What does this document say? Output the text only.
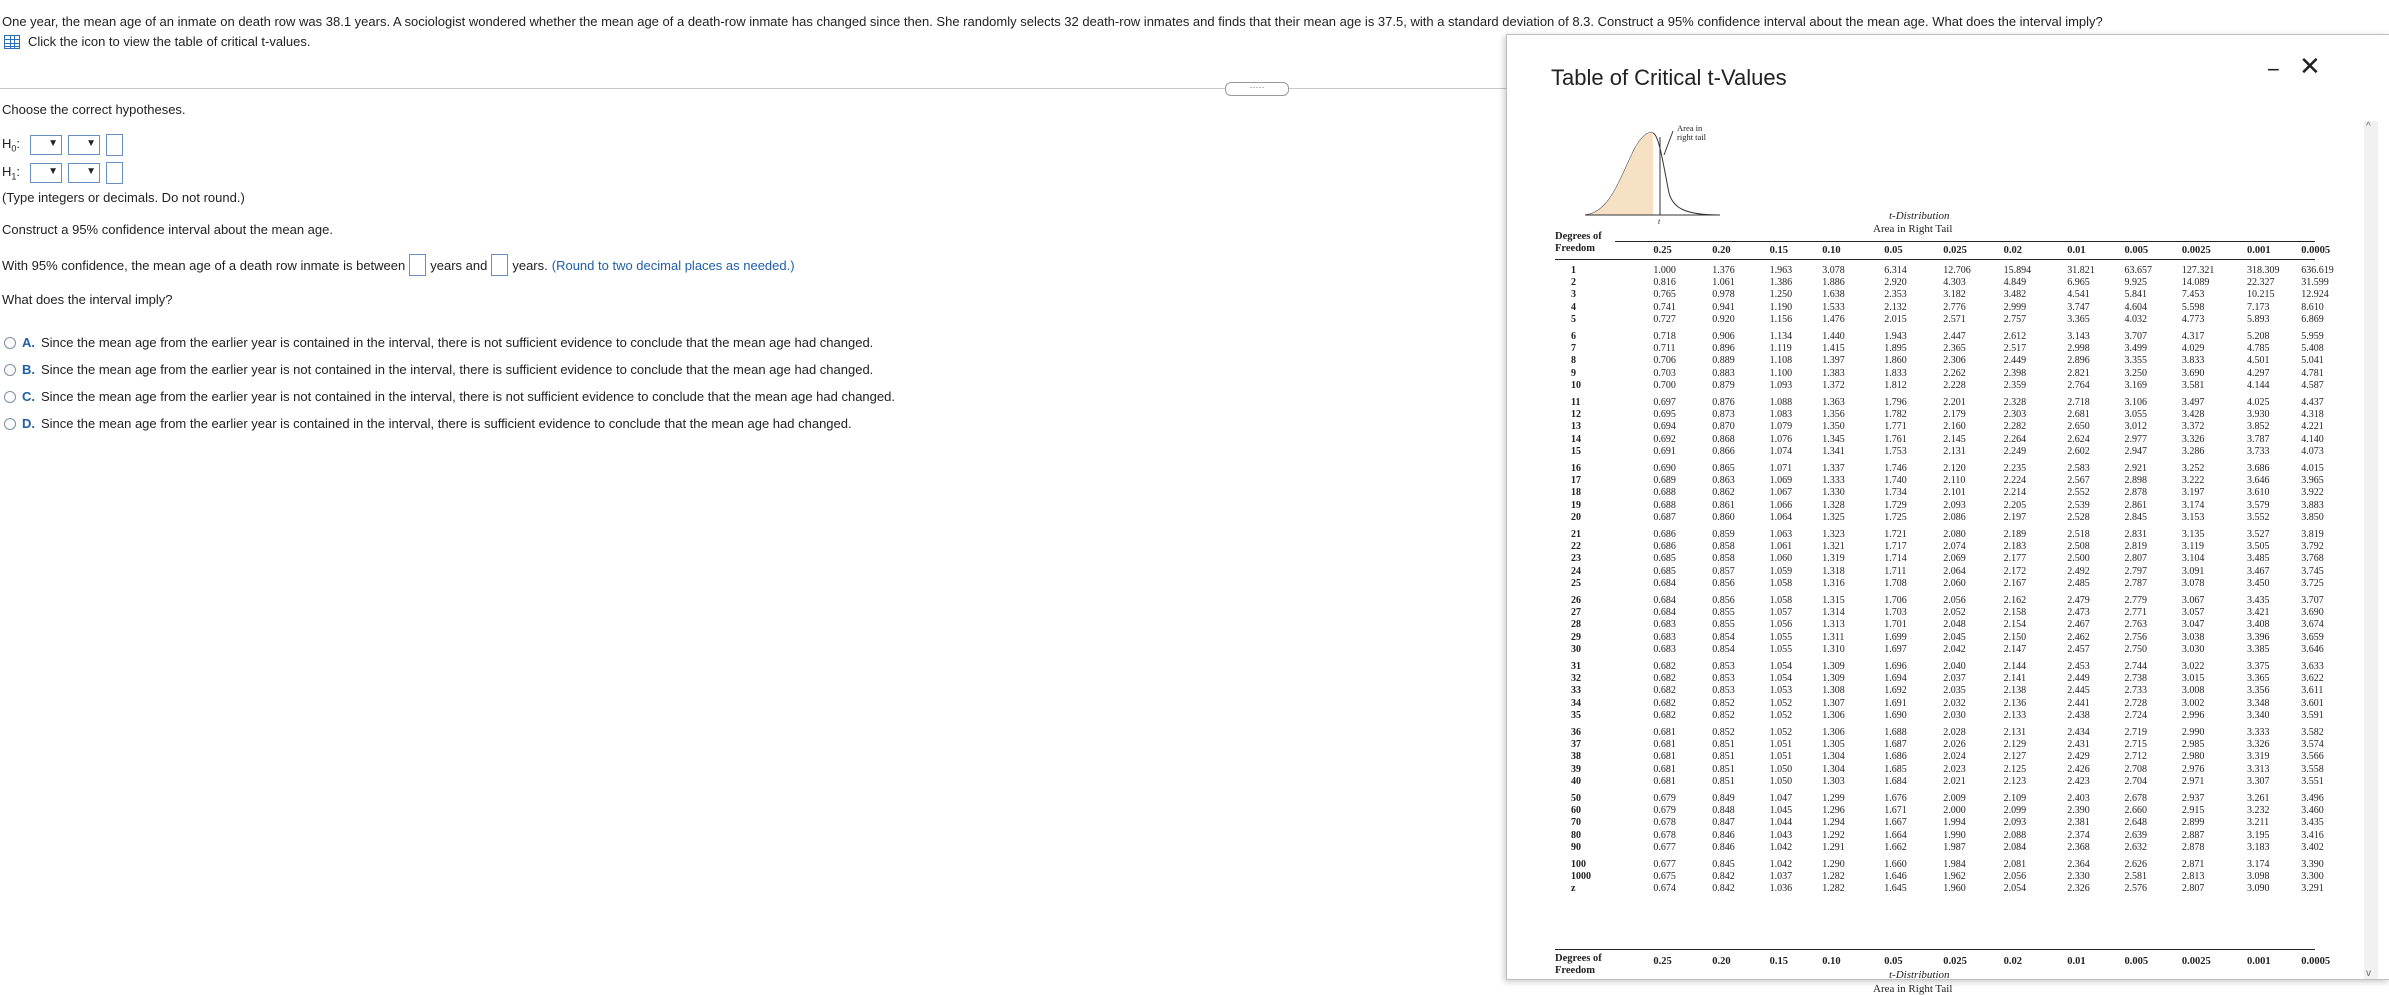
One year, the mean age of an inmate on death row was 38.1 years. A sociologist wondered whether the mean age of a death-row inmate has changed since then. She randomly selects 32 death-row inmates and finds that their mean age is 37.5, with a standard deviation of 8.3. Construct a 95% confidence interval about the mean age. What does the interval imply?
Click the icon to view the table of critical t-values.
·····
Choose the correct hypotheses.
$H_0$:
▼
▼
$H_1$:
▼
▼
(Type integers or decimals. Do not round.)
Construct a 95% confidence interval about the mean age.
With 95% confidence, the mean age of a death row inmate is between years and years. (Round to two decimal places as needed.)
What does the interval imply?
A. Since the mean age from the earlier year is contained in the interval, there is not sufficient evidence to conclude that the mean age had changed.
B. Since the mean age from the earlier year is not contained in the interval, there is sufficient evidence to conclude that the mean age had changed.
C. Since the mean age from the earlier year is not contained in the interval, there is not sufficient evidence to conclude that the mean age had changed.
D. Since the mean age from the earlier year is contained in the interval, there is sufficient evidence to conclude that the mean age had changed.
Table of Critical t-Values	− ✕
^
v
Area in
right tail
t	t-Distribution
Area in Right Tail
Degrees of
Freedom	0.25	0.20	0.15	0.10	0.05	0.025	0.02	0.01	0.005	0.0025	0.001	0.0005
1	1.000	1.376	1.963	3.078	6.314	12.706	15.894	31.821	63.657	127.321	318.309 636.619
2	0.816	1.061	1.386	1.886	2.920	4.303	4.849	6.965	9.925	14.089	22.327	31.599
3	0.765	0.978	1.250	1.638	2.353	3.182	3.482	4.541	5.841	7.453	10.215	12.924
4	0.741	0.941	1.190	1.533	2.132	2.776	2.999	3.747	4.604	5.598	7.173	8.610
5	0.727	0.920	1.156	1.476	2.015	2.571	2.757	3.365	4.032	4.773	5.893	6.869
6	0.718	0.906	1.134	1.440	1.943	2.447	2.612	3.143	3.707	4.317	5.208	5.959
7	0.711	0.896	1.119	1.415	1.895	2.365	2.517	2.998	3.499	4.029	4.785	5.408
8	0.706	0.889	1.108	1.397	1.860	2.306	2.449	2.896	3.355	3.833	4.501	5.041
9	0.703	0.883	1.100	1.383	1.833	2.262	2.398	2.821	3.250	3.690	4.297	4.781
10	0.700	0.879	1.093	1.372	1.812	2.228	2.359	2.764	3.169	3.581	4.144	4.587
11	0.697	0.876	1.088	1.363	1.796	2.201	2.328	2.718	3.106	3.497	4.025	4.437
12	0.695	0.873	1.083	1.356	1.782	2.179	2.303	2.681	3.055	3.428	3.930	4.318
13	0.694	0.870	1.079	1.350	1.771	2.160	2.282	2.650	3.012	3.372	3.852	4.221
14	0.692	0.868	1.076	1.345	1.761	2.145	2.264	2.624	2.977	3.326	3.787	4.140
15	0.691	0.866	1.074	1.341	1.753	2.131	2.249	2.602	2.947	3.286	3.733	4.073
16	0.690	0.865	1.071	1.337	1.746	2.120	2.235	2.583	2.921	3.252	3.686	4.015
17	0.689	0.863	1.069	1.333	1.740	2.110	2.224	2.567	2.898	3.222	3.646	3.965
18	0.688	0.862	1.067	1.330	1.734	2.101	2.214	2.552	2.878	3.197	3.610	3.922
19	0.688	0.861	1.066	1.328	1.729	2.093	2.205	2.539	2.861	3.174	3.579	3.883
20	0.687	0.860	1.064	1.325	1.725	2.086	2.197	2.528	2.845	3.153	3.552	3.850
21	0.686	0.859	1.063	1.323	1.721	2.080	2.189	2.518	2.831	3.135	3.527	3.819
22	0.686	0.858	1.061	1.321	1.717	2.074	2.183	2.508	2.819	3.119	3.505	3.792
23	0.685	0.858	1.060	1.319	1.714	2.069	2.177	2.500	2.807	3.104	3.485	3.768
24	0.685	0.857	1.059	1.318	1.711	2.064	2.172	2.492	2.797	3.091	3.467	3.745
25	0.684	0.856	1.058	1.316	1.708	2.060	2.167	2.485	2.787	3.078	3.450	3.725
26	0.684	0.856	1.058	1.315	1.706	2.056	2.162	2.479	2.779	3.067	3.435	3.707
27	0.684	0.855	1.057	1.314	1.703	2.052	2.158	2.473	2.771	3.057	3.421	3.690
28	0.683	0.855	1.056	1.313	1.701	2.048	2.154	2.467	2.763	3.047	3.408	3.674
29	0.683	0.854	1.055	1.311	1.699	2.045	2.150	2.462	2.756	3.038	3.396	3.659
30	0.683	0.854	1.055	1.310	1.697	2.042	2.147	2.457	2.750	3.030	3.385	3.646
31	0.682	0.853	1.054	1.309	1.696	2.040	2.144	2.453	2.744	3.022	3.375	3.633
32	0.682	0.853	1.054	1.309	1.694	2.037	2.141	2.449	2.738	3.015	3.365	3.622
33	0.682	0.853	1.053	1.308	1.692	2.035	2.138	2.445	2.733	3.008	3.356	3.611
34	0.682	0.852	1.052	1.307	1.691	2.032	2.136	2.441	2.728	3.002	3.348	3.601
35	0.682	0.852	1.052	1.306	1.690	2.030	2.133	2.438	2.724	2.996	3.340	3.591
36	0.681	0.852	1.052	1.306	1.688	2.028	2.131	2.434	2.719	2.990	3.333	3.582
37	0.681	0.851	1.051	1.305	1.687	2.026	2.129	2.431	2.715	2.985	3.326	3.574
38	0.681	0.851	1.051	1.304	1.686	2.024	2.127	2.429	2.712	2.980	3.319	3.566
39	0.681	0.851	1.050	1.304	1.685	2.023	2.125	2.426	2.708	2.976	3.313	3.558
40	0.681	0.851	1.050	1.303	1.684	2.021	2.123	2.423	2.704	2.971	3.307	3.551
50	0.679	0.849	1.047	1.299	1.676	2.009	2.109	2.403	2.678	2.937	3.261	3.496
60	0.679	0.848	1.045	1.296	1.671	2.000	2.099	2.390	2.660	2.915	3.232	3.460
70	0.678	0.847	1.044	1.294	1.667	1.994	2.093	2.381	2.648	2.899	3.211	3.435
80	0.678	0.846	1.043	1.292	1.664	1.990	2.088	2.374	2.639	2.887	3.195	3.416
90	0.677	0.846	1.042	1.291	1.662	1.987	2.084	2.368	2.632	2.878	3.183	3.402
100	0.677	0.845	1.042	1.290	1.660	1.984	2.081	2.364	2.626	2.871	3.174	3.390
1000	0.675	0.842	1.037	1.282	1.646	1.962	2.056	2.330	2.581	2.813	3.098	3.300
z	0.674	0.842	1.036	1.282	1.645	1.960	2.054	2.326	2.576	2.807	3.090	3.291
0.25	0.20	0.15	0.10	0.05	0.025	0.02	0.01	0.005	0.0025	0.001	0.0005
Degrees of
Freedom	t-Distribution
Area in Right Tail
